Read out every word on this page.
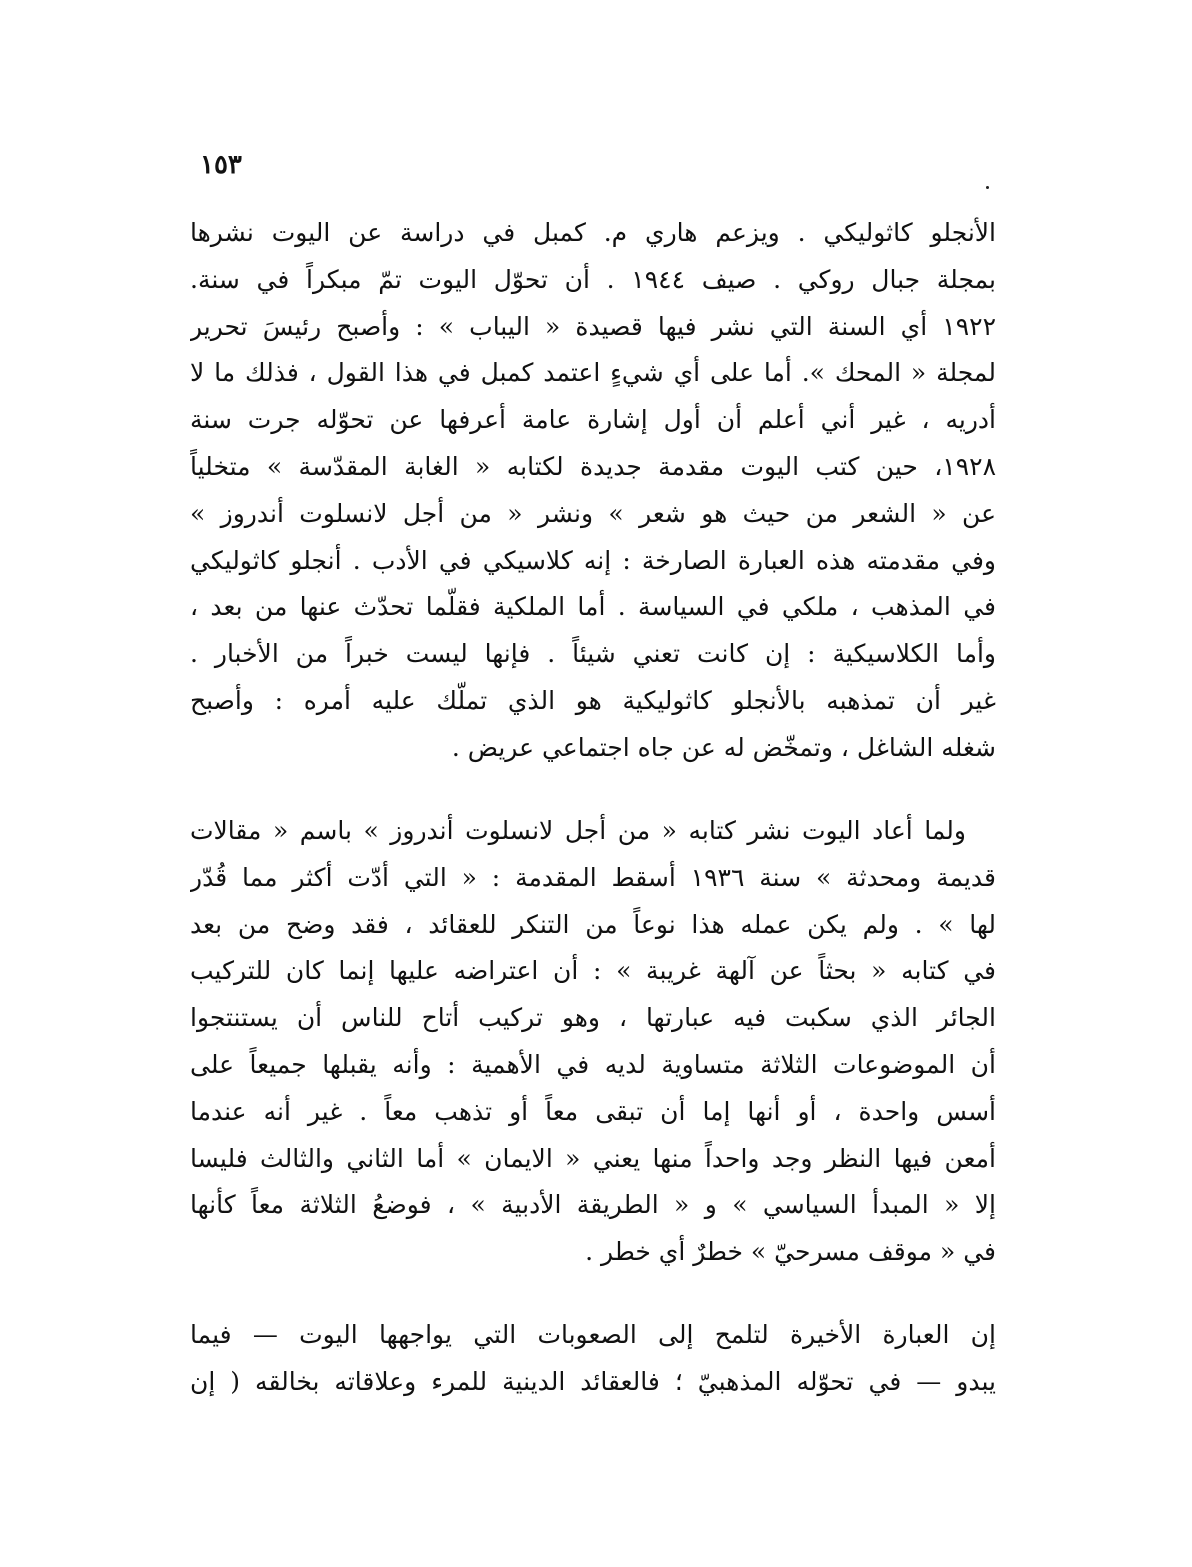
١٥٣
الأنجلو كاثوليكي . ويزعم هاري م. كمبل في دراسة عن اليوت نشرها
بمجلة جبال روكي . صيف ١٩٤٤ . أن تحوّل اليوت تمّ مبكراً في سنة.
١٩٢٢ أي السنة التي نشر فيها قصيدة « اليباب » : وأصبح رئيسَ تحرير
لمجلة « المحك ». أما على أي شيءٍ اعتمد كمبل في هذا القول ، فذلك ما لا
أدريه ، غير أني أعلم أن أول إشارة عامة أعرفها عن تحوّله جرت سنة
١٩٢٨، حين كتب اليوت مقدمة جديدة لكتابه « الغابة المقدّسة » متخلياً
عن « الشعر من حيث هو شعر » ونشر « من أجل لانسلوت أندروز »
وفي مقدمته هذه العبارة الصارخة : إنه كلاسيكي في الأدب . أنجلو كاثوليكي
في المذهب ، ملكي في السياسة . أما الملكية فقلّما تحدّث عنها من بعد ،
وأما الكلاسيكية : إن كانت تعني شيئاً . فإنها ليست خبراً من الأخبار .
غير أن تمذهبه بالأنجلو كاثوليكية هو الذي تملّك عليه أمره : وأصبح
شغله الشاغل ، وتمخّض له عن جاه اجتماعي عريض .
ولما أعاد اليوت نشر كتابه « من أجل لانسلوت أندروز » باسم « مقالات
قديمة ومحدثة » سنة ١٩٣٦ أسقط المقدمة : « التي أدّت أكثر مما قُدّر
لها » . ولم يكن عمله هذا نوعاً من التنكر للعقائد ، فقد وضح من بعد
في كتابه « بحثاً عن آلهة غريبة » : أن اعتراضه عليها إنما كان للتركيب
الجائر الذي سكبت فيه عبارتها ، وهو تركيب أتاح للناس أن يستنتجوا
أن الموضوعات الثلاثة متساوية لديه في الأهمية : وأنه يقبلها جميعاً على
أسس واحدة ، أو أنها إما أن تبقى معاً أو تذهب معاً . غير أنه عندما
أمعن فيها النظر وجد واحداً منها يعني « الايمان » أما الثاني والثالث فليسا
إلا « المبدأ السياسي » و « الطريقة الأدبية » ، فوضعُ الثلاثة معاً كأنها
في « موقف مسرحيّ » خطرٌ أي خطر .
إن العبارة الأخيرة لتلمح إلى الصعوبات التي يواجهها اليوت — فيما
يبدو — في تحوّله المذهبيّ ؛ فالعقائد الدينية للمرء وعلاقاته بخالقه ( إن
